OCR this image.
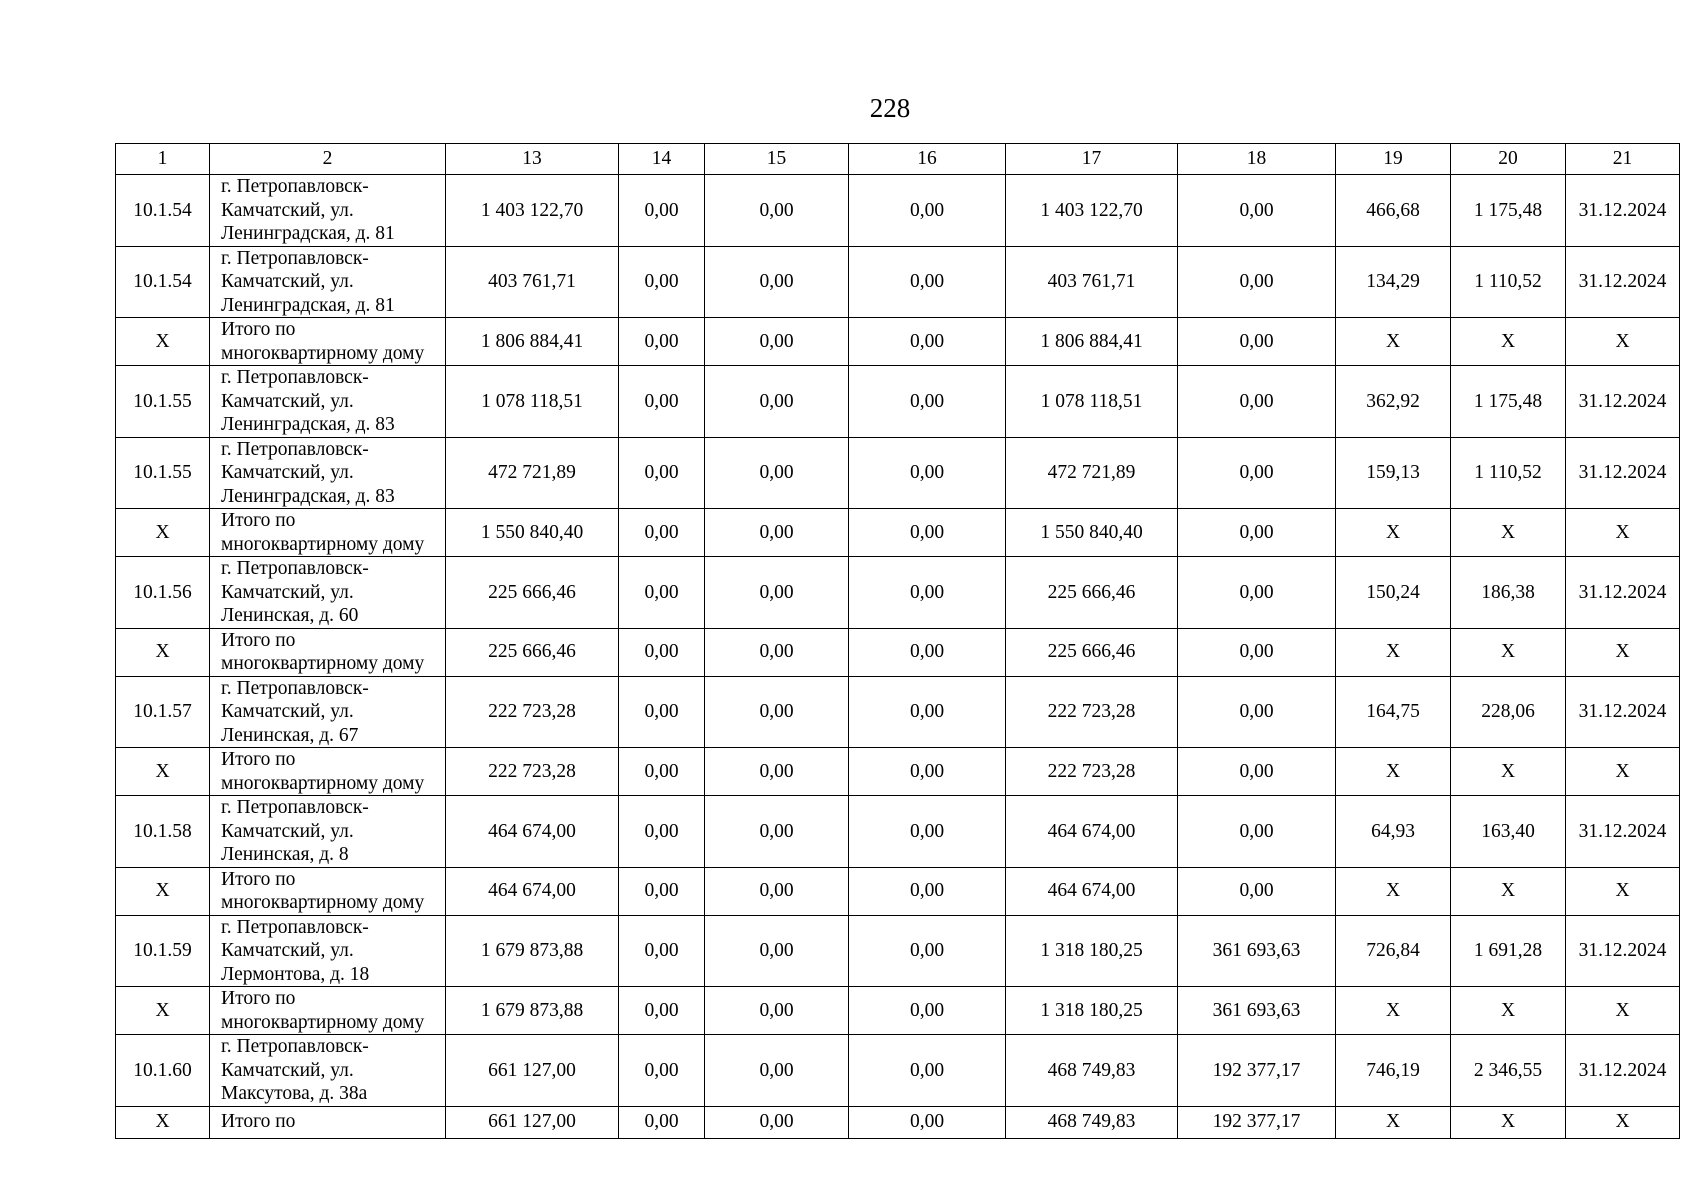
228
1	2	13	14	15	16	17	18	19	20	21
10.1.54	г. Петропавловск-
Камчатский, ул.
Ленинградская, д. 81	1 403 122,70	0,00	0,00	0,00	1 403 122,70	0,00	466,68	1 175,48	31.12.2024
10.1.54	г. Петропавловск-
Камчатский, ул.
Ленинградская, д. 81	403 761,71	0,00	0,00	0,00	403 761,71	0,00	134,29	1 110,52	31.12.2024
X	Итого по
многоквартирному дому	1 806 884,41	0,00	0,00	0,00	1 806 884,41	0,00	X	X	X
10.1.55	г. Петропавловск-
Камчатский, ул.
Ленинградская, д. 83	1 078 118,51	0,00	0,00	0,00	1 078 118,51	0,00	362,92	1 175,48	31.12.2024
10.1.55	г. Петропавловск-
Камчатский, ул.
Ленинградская, д. 83	472 721,89	0,00	0,00	0,00	472 721,89	0,00	159,13	1 110,52	31.12.2024
X	Итого по
многоквартирному дому	1 550 840,40	0,00	0,00	0,00	1 550 840,40	0,00	X	X	X
10.1.56	г. Петропавловск-
Камчатский, ул.
Ленинская, д. 60	225 666,46	0,00	0,00	0,00	225 666,46	0,00	150,24	186,38	31.12.2024
X	Итого по
многоквартирному дому	225 666,46	0,00	0,00	0,00	225 666,46	0,00	X	X	X
10.1.57	г. Петропавловск-
Камчатский, ул.
Ленинская, д. 67	222 723,28	0,00	0,00	0,00	222 723,28	0,00	164,75	228,06	31.12.2024
X	Итого по
многоквартирному дому	222 723,28	0,00	0,00	0,00	222 723,28	0,00	X	X	X
10.1.58	г. Петропавловск-
Камчатский, ул.
Ленинская, д. 8	464 674,00	0,00	0,00	0,00	464 674,00	0,00	64,93	163,40	31.12.2024
X	Итого по
многоквартирному дому	464 674,00	0,00	0,00	0,00	464 674,00	0,00	X	X	X
10.1.59	г. Петропавловск-
Камчатский, ул.
Лермонтова, д. 18	1 679 873,88	0,00	0,00	0,00	1 318 180,25	361 693,63	726,84	1 691,28	31.12.2024
X	Итого по
многоквартирному дому	1 679 873,88	0,00	0,00	0,00	1 318 180,25	361 693,63	X	X	X
10.1.60	г. Петропавловск-
Камчатский, ул.
Максутова, д. 38а	661 127,00	0,00	0,00	0,00	468 749,83	192 377,17	746,19	2 346,55	31.12.2024
X	Итого по	661 127,00	0,00	0,00	0,00	468 749,83	192 377,17	X	X	X
